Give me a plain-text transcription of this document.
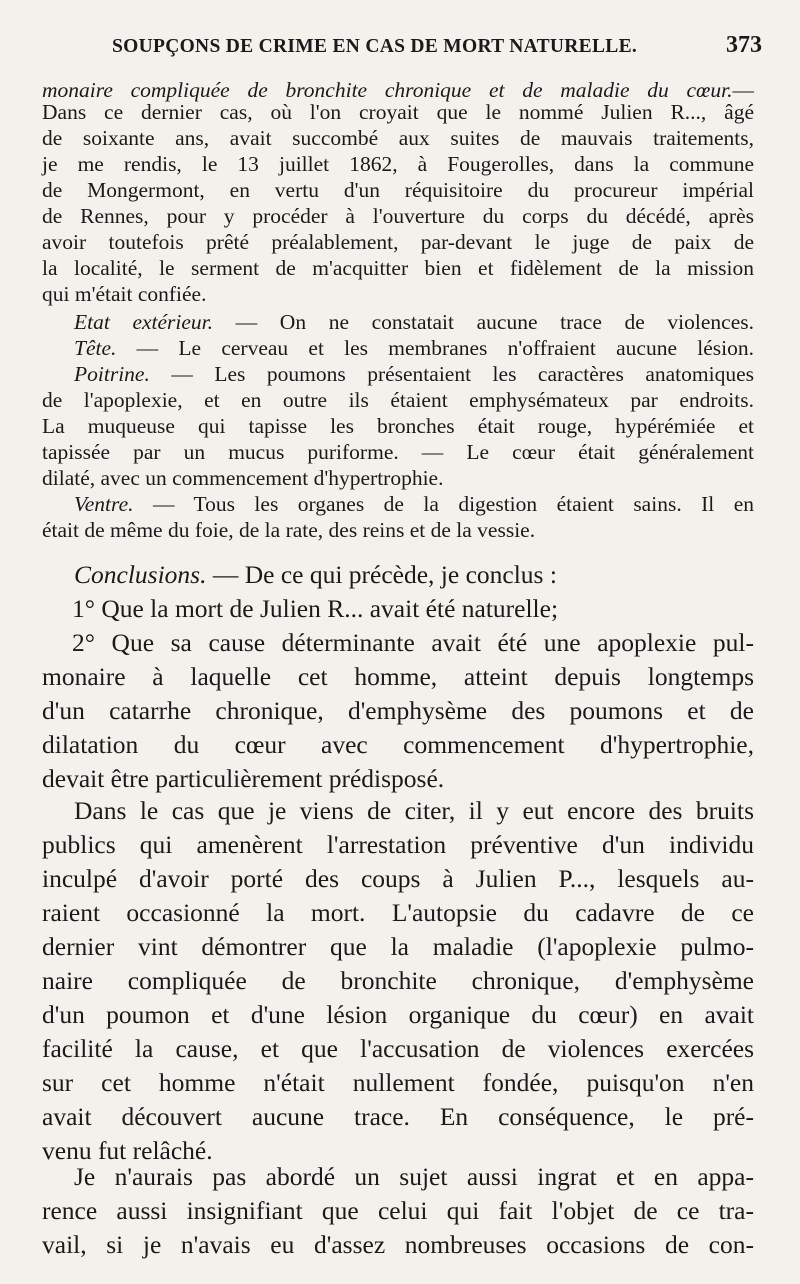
SOUPÇONS DE CRIME EN CAS DE MORT NATURELLE.	373
monaire compliquée de bronchite chronique et de maladie du cœur.—
Dans ce dernier cas, où l'on croyait que le nommé Julien R..., âgé
de soixante ans, avait succombé aux suites de mauvais traitements,
je me rendis, le 13 juillet 1862, à Fougerolles, dans la commune
de Mongermont, en vertu d'un réquisitoire du procureur impérial
de Rennes, pour y procéder à l'ouverture du corps du décédé, après
avoir toutefois prêté préalablement, par-devant le juge de paix de
la localité, le serment de m'acquitter bien et fidèlement de la mission
qui m'était confiée.
Etat extérieur. — On ne constatait aucune trace de violences.
Tête. — Le cerveau et les membranes n'offraient aucune lésion.
Poitrine. — Les poumons présentaient les caractères anatomiques
de l'apoplexie, et en outre ils étaient emphysémateux par endroits.
La muqueuse qui tapisse les bronches était rouge, hypérémiée et
tapissée par un mucus puriforme. — Le cœur était généralement
dilaté, avec un commencement d'hypertrophie.
Ventre. — Tous les organes de la digestion étaient sains. Il en
était de même du foie, de la rate, des reins et de la vessie.
Conclusions. — De ce qui précède, je conclus :
1° Que la mort de Julien R... avait été naturelle;
2° Que sa cause déterminante avait été une apoplexie pul-
monaire à laquelle cet homme, atteint depuis longtemps
d'un catarrhe chronique, d'emphysème des poumons et de
dilatation du cœur avec commencement d'hypertrophie,
devait être particulièrement prédisposé.
Dans le cas que je viens de citer, il y eut encore des bruits
publics qui amenèrent l'arrestation préventive d'un individu
inculpé d'avoir porté des coups à Julien P..., lesquels au-
raient occasionné la mort. L'autopsie du cadavre de ce
dernier vint démontrer que la maladie (l'apoplexie pulmo-
naire compliquée de bronchite chronique, d'emphysème
d'un poumon et d'une lésion organique du cœur) en avait
facilité la cause, et que l'accusation de violences exercées
sur cet homme n'était nullement fondée, puisqu'on n'en
avait découvert aucune trace. En conséquence, le pré-
venu fut relâché.
Je n'aurais pas abordé un sujet aussi ingrat et en appa-
rence aussi insignifiant que celui qui fait l'objet de ce tra-
vail, si je n'avais eu d'assez nombreuses occasions de con-
